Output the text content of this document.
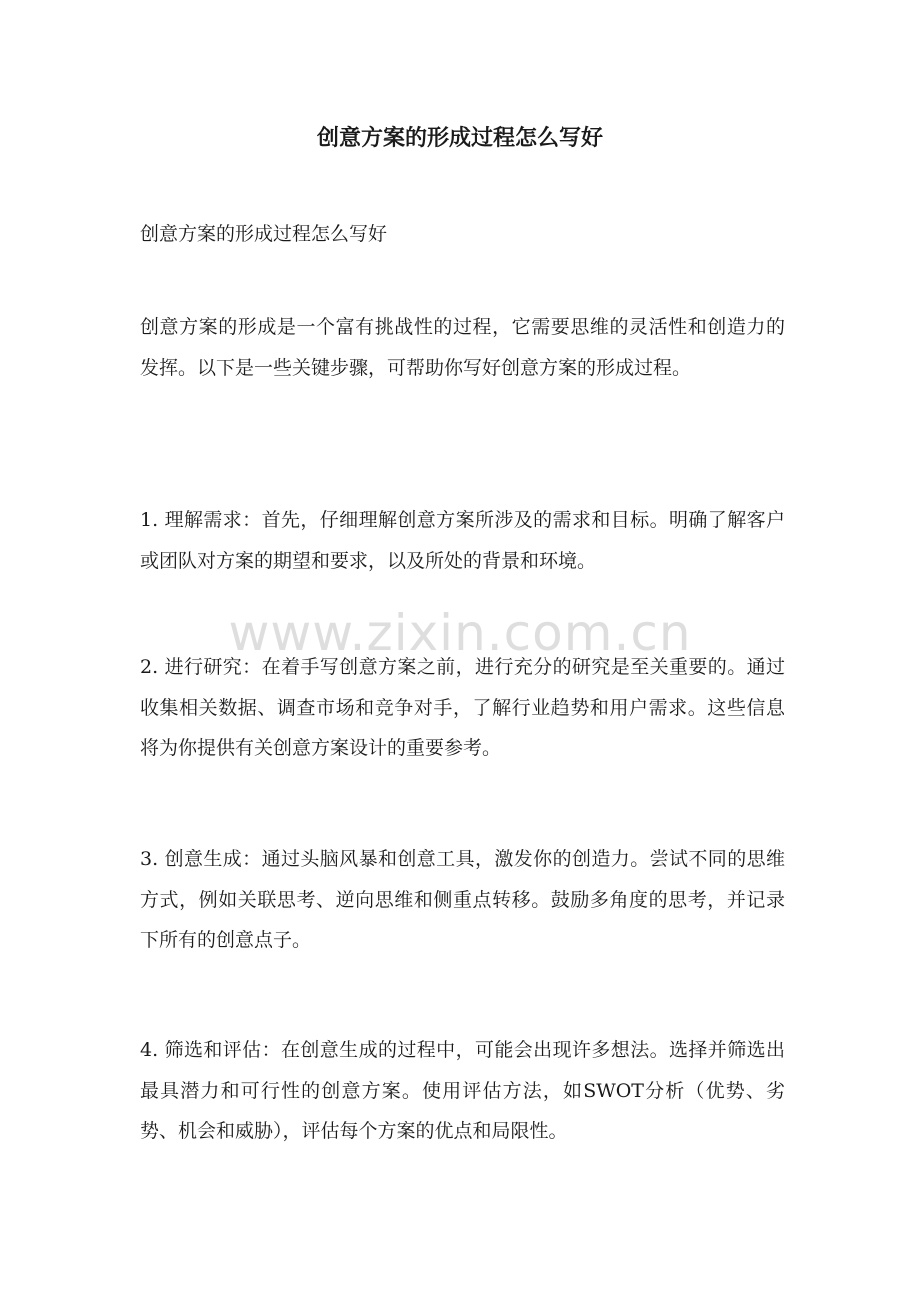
创意方案的形成过程怎么写好

创意方案的形成过程怎么写好

创意方案的形成是一个富有挑战性的过程，它需要思维的灵活性和创造力的发挥。以下是一些关键步骤，可帮助你写好创意方案的形成过程。

1. 理解需求：首先，仔细理解创意方案所涉及的需求和目标。明确了解客户或团队对方案的期望和要求，以及所处的背景和环境。

2. 进行研究：在着手写创意方案之前，进行充分的研究是至关重要的。通过收集相关数据、调查市场和竞争对手，了解行业趋势和用户需求。这些信息将为你提供有关创意方案设计的重要参考。

3. 创意生成：通过头脑风暴和创意工具，激发你的创造力。尝试不同的思维方式，例如关联思考、逆向思维和侧重点转移。鼓励多角度的思考，并记录下所有的创意点子。

4. 筛选和评估：在创意生成的过程中，可能会出现许多想法。选择并筛选出最具潜力和可行性的创意方案。使用评估方法，如SWOT分析（优势、劣势、机会和威胁），评估每个方案的优点和局限性。

www.zixin.com.cn
